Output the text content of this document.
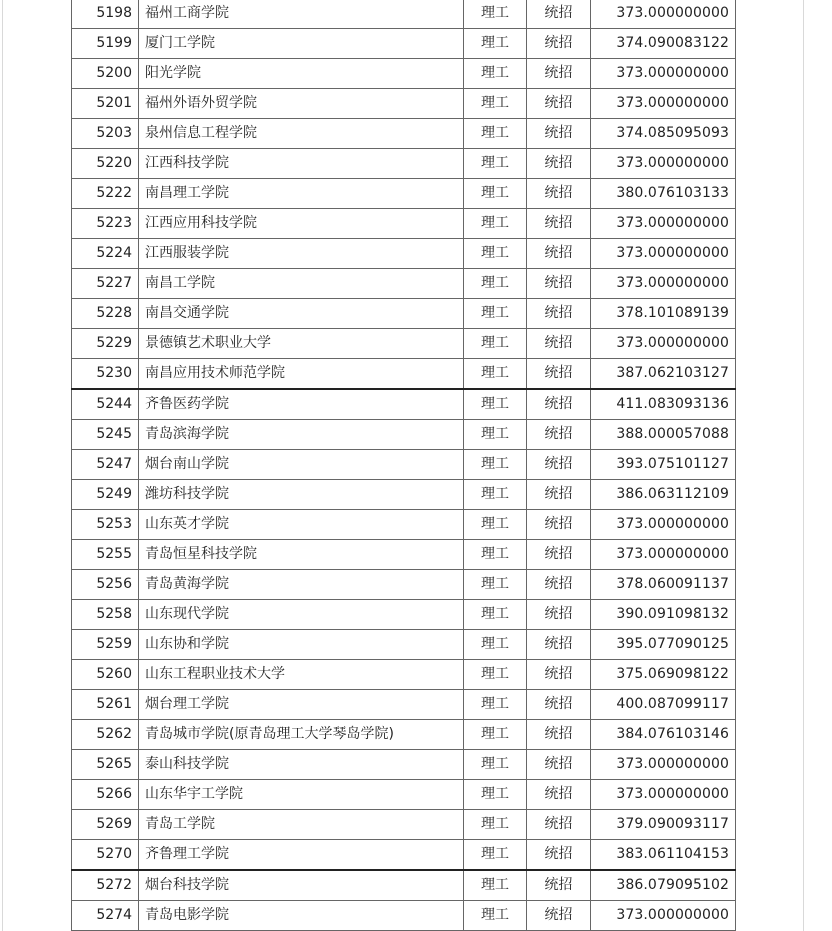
5198	福州工商学院	理工	统招	373.000000000
5199	厦门工学院	理工	统招	374.090083122
5200	阳光学院	理工	统招	373.000000000
5201	福州外语外贸学院	理工	统招	373.000000000
5203	泉州信息工程学院	理工	统招	374.085095093
5220	江西科技学院	理工	统招	373.000000000
5222	南昌理工学院	理工	统招	380.076103133
5223	江西应用科技学院	理工	统招	373.000000000
5224	江西服装学院	理工	统招	373.000000000
5227	南昌工学院	理工	统招	373.000000000
5228	南昌交通学院	理工	统招	378.101089139
5229	景德镇艺术职业大学	理工	统招	373.000000000
5230	南昌应用技术师范学院	理工	统招	387.062103127
5244	齐鲁医药学院	理工	统招	411.083093136
5245	青岛滨海学院	理工	统招	388.000057088
5247	烟台南山学院	理工	统招	393.075101127
5249	潍坊科技学院	理工	统招	386.063112109
5253	山东英才学院	理工	统招	373.000000000
5255	青岛恒星科技学院	理工	统招	373.000000000
5256	青岛黄海学院	理工	统招	378.060091137
5258	山东现代学院	理工	统招	390.091098132
5259	山东协和学院	理工	统招	395.077090125
5260	山东工程职业技术大学	理工	统招	375.069098122
5261	烟台理工学院	理工	统招	400.087099117
5262	青岛城市学院(原青岛理工大学琴岛学院)	理工	统招	384.076103146
5265	泰山科技学院	理工	统招	373.000000000
5266	山东华宇工学院	理工	统招	373.000000000
5269	青岛工学院	理工	统招	379.090093117
5270	齐鲁理工学院	理工	统招	383.061104153
5272	烟台科技学院	理工	统招	386.079095102
5274	青岛电影学院	理工	统招	373.000000000
